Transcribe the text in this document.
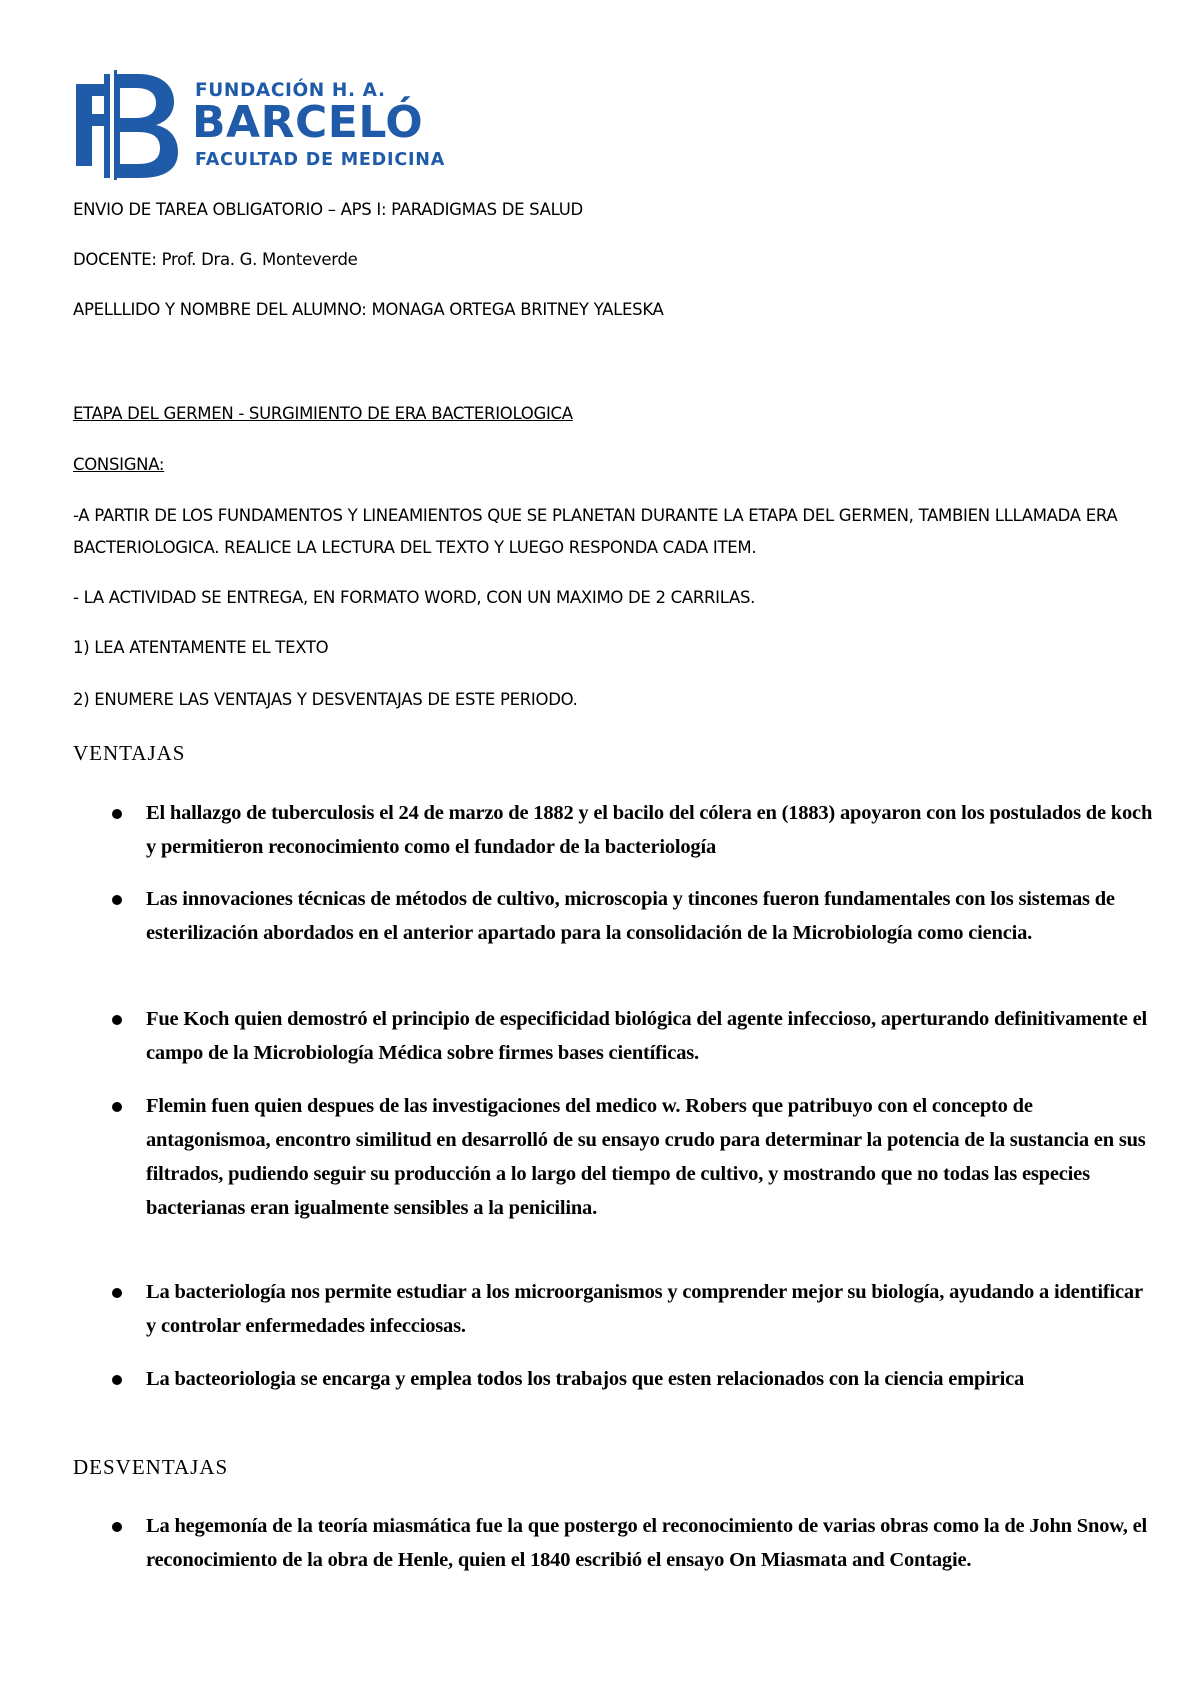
FUNDACIÓN H. A.
BARCELÓ
FACULTAD DE MEDICINA
ENVIO DE TAREA OBLIGATORIO – APS I: PARADIGMAS DE SALUD
DOCENTE: Prof. Dra. G. Monteverde
APELLLIDO Y NOMBRE DEL ALUMNO: MONAGA ORTEGA BRITNEY YALESKA
ETAPA DEL GERMEN - SURGIMIENTO DE ERA BACTERIOLOGICA
CONSIGNA:
-A PARTIR DE LOS FUNDAMENTOS Y LINEAMIENTOS QUE SE PLANETAN DURANTE LA ETAPA DEL GERMEN, TAMBIEN LLLAMADA ERA BACTERIOLOGICA. REALICE LA LECTURA DEL TEXTO Y LUEGO RESPONDA CADA ITEM.
- LA ACTIVIDAD SE ENTREGA, EN FORMATO WORD, CON UN MAXIMO DE 2 CARRILAS.
1) LEA ATENTAMENTE EL TEXTO
2) ENUMERE LAS VENTAJAS Y DESVENTAJAS DE ESTE PERIODO.
VENTAJAS
El hallazgo de tuberculosis el 24 de marzo de 1882 y el bacilo del cólera en (1883) apoyaron con los postulados de koch y permitieron reconocimiento como el fundador de la bacteriología
Las innovaciones técnicas de métodos de cultivo, microscopia y tincones fueron fundamentales con los sistemas de esterilización abordados en el anterior apartado para la consolidación de la Microbiología como ciencia.
Fue Koch quien demostró el principio de especificidad biológica del agente infeccioso, aperturando definitivamente el campo de la Microbiología Médica sobre firmes bases científicas.
Flemin fuen quien despues de las investigaciones del medico w. Robers que patribuyo con el concepto de antagonismoa, encontro similitud en desarrolló de su ensayo crudo para determinar la potencia de la sustancia en sus filtrados, pudiendo seguir su producción a lo largo del tiempo de cultivo, y mostrando que no todas las especies bacterianas eran igualmente sensibles a la penicilina.
La bacteriología nos permite estudiar a los microorganismos y comprender mejor su biología, ayudando a identificar y controlar enfermedades infecciosas.
La bacteoriologia se encarga y emplea todos los trabajos que esten relacionados con la ciencia empirica
DESVENTAJAS
La hegemonía de la teoría miasmática fue la que postergo el reconocimiento de varias obras como la de John Snow, el reconocimiento de la obra de Henle, quien el 1840 escribió el ensayo On Miasmata and Contagie.
